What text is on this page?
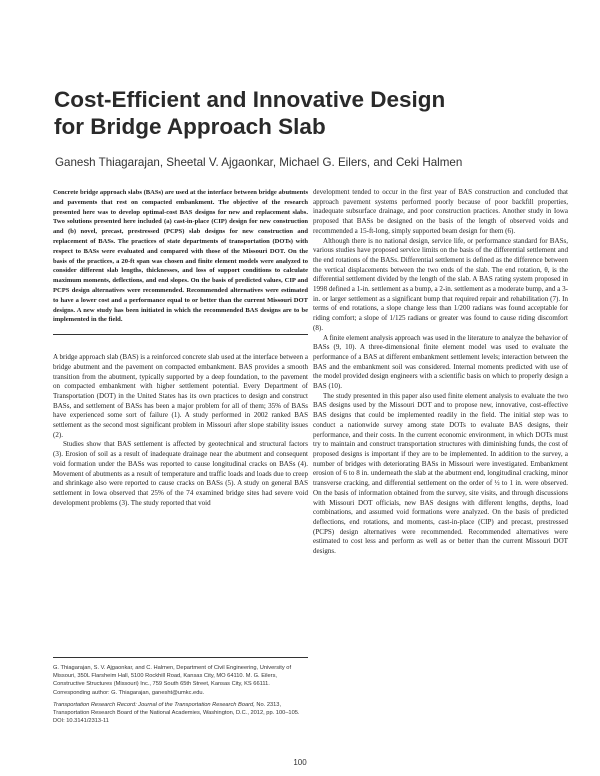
Cost-Efficient and Innovative Design
for Bridge Approach Slab
Ganesh Thiagarajan, Sheetal V. Ajgaonkar, Michael G. Eilers, and Ceki Halmen

Concrete bridge approach slabs (BASs) are used at the interface between bridge abutments and pavements that rest on compacted embankment. The objective of the research presented here was to develop optimal-cost BAS designs for new and replacement slabs. Two solutions presented here included (a) cast-in-place (CIP) design for new construction and (b) novel, precast, prestressed (PCPS) slab designs for new construction and replacement of BASs. The practices of state departments of transportation (DOTs) with respect to BASs were evaluated and compared with those of the Missouri DOT. On the basis of the practices, a 20-ft span was chosen and finite element models were analyzed to consider different slab lengths, thicknesses, and loss of support conditions to calculate maximum moments, deflections, and end slopes. On the basis of predicted values, CIP and PCPS design alternatives were recommended. Recommended alternatives were estimated to have a lower cost and a performance equal to or better than the current Missouri DOT designs. A new study has been initiated in which the recommended BAS designs are to be implemented in the field.

A bridge approach slab (BAS) is a reinforced concrete slab used at the interface between a bridge abutment and the pavement on compacted embankment. BAS provides a smooth transition from the abutment, typically supported by a deep foundation, to the pavement on compacted embankment with higher settlement potential. Every Department of Transportation (DOT) in the United States has its own practices to design and construct BASs, and settlement of BASs has been a major problem for all of them; 35% of BASs have experienced some sort of failure (1). A study performed in 2002 ranked BAS settlement as the second most significant problem in Missouri after slope stability issues (2).

Studies show that BAS settlement is affected by geotechnical and structural factors (3). Erosion of soil as a result of inadequate drainage near the abutment and consequent void formation under the BASs was reported to cause longitudinal cracks on BASs (4). Movement of abutments as a result of temperature and traffic loads and loads due to creep and shrinkage also were reported to cause cracks on BASs (5). A study on general BAS settlement in Iowa observed that 25% of the 74 examined bridge sites had severe void development problems (3). The study reported that void

development tended to occur in the first year of BAS construction and concluded that approach pavement systems performed poorly because of poor backfill properties, inadequate subsurface drainage, and poor construction practices. Another study in Iowa proposed that BASs be designed on the basis of the length of observed voids and recommended a 15-ft-long, simply supported beam design for them (6).

Although there is no national design, service life, or performance standard for BASs, various studies have proposed service limits on the basis of the differential settlement and the end rotations of the BASs. Differential settlement is defined as the difference between the vertical displacements between the two ends of the slab. The end rotation, θ, is the differential settlement divided by the length of the slab. A BAS rating system proposed in 1998 defined a 1-in. settlement as a bump, a 2-in. settlement as a moderate bump, and a 3-in. or larger settlement as a significant bump that required repair and rehabilitation (7). In terms of end rotations, a slope change less than 1/200 radians was found acceptable for riding comfort; a slope of 1/125 radians or greater was found to cause riding discomfort (8).

A finite element analysis approach was used in the literature to analyze the behavior of BASs (9, 10). A three-dimensional finite element model was used to evaluate the performance of a BAS at different embankment settlement levels; interaction between the BAS and the embankment soil was considered. Internal moments predicted with use of the model provided design engineers with a scientific basis on which to properly design a BAS (10).

The study presented in this paper also used finite element analysis to evaluate the two BAS designs used by the Missouri DOT and to propose new, innovative, cost-effective BAS designs that could be implemented readily in the field. The initial step was to conduct a nationwide survey among state DOTs to evaluate BAS designs, their performance, and their costs. In the current economic environment, in which DOTs must try to maintain and construct transportation structures with diminishing funds, the cost of proposed designs is important if they are to be implemented. In addition to the survey, a number of bridges with deteriorating BASs in Missouri were investigated. Embankment erosion of 6 to 8 in. underneath the slab at the abutment end, longitudinal cracking, minor transverse cracking, and differential settlement on the order of ½ to 1 in. were observed. On the basis of information obtained from the survey, site visits, and through discussions with Missouri DOT officials, new BAS designs with different lengths, depths, load combinations, and assumed void formations were analyzed. On the basis of predicted deflections, end rotations, and moments, cast-in-place (CIP) and precast, prestressed (PCPS) design alternatives were recommended. Recommended alternatives were estimated to cost less and perform as well as or better than the current Missouri DOT designs.

G. Thiagarajan, S. V. Ajgaonkar, and C. Halmen, Department of Civil Engineering, University of Missouri, 350L Flarsheim Hall, 5100 Rockhill Road, Kansas City, MO 64110. M. G. Eilers, Constructive Structures (Missouri) Inc., 759 South 65th Street, Kansas City, KS 66111. Corresponding author: G. Thiagarajan, ganesht@umkc.edu.

Transportation Research Record: Journal of the Transportation Research Board, No. 2313, Transportation Research Board of the National Academies, Washington, D.C., 2012, pp. 100–105.
DOI: 10.3141/2313-11

100
